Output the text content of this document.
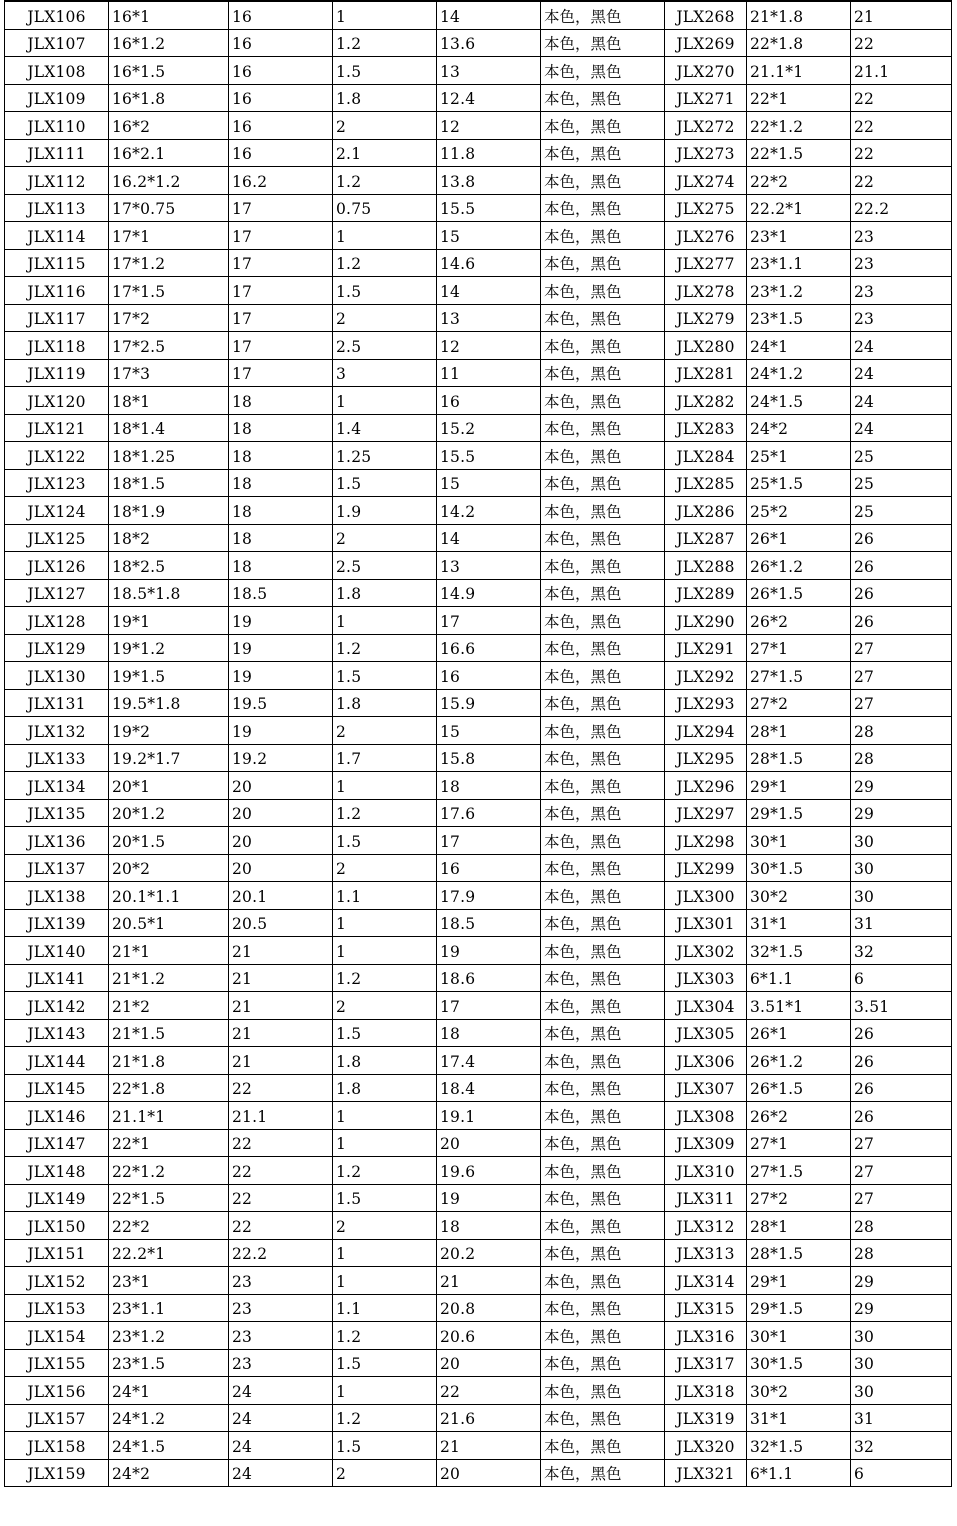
JLX106	16*1	16	1	14	本色，黑色	JLX268	21*1.8	21
JLX107	16*1.2	16	1.2	13.6	本色，黑色	JLX269	22*1.8	22
JLX108	16*1.5	16	1.5	13	本色，黑色	JLX270	21.1*1	21.1
JLX109	16*1.8	16	1.8	12.4	本色，黑色	JLX271	22*1	22
JLX110	16*2	16	2	12	本色，黑色	JLX272	22*1.2	22
JLX111	16*2.1	16	2.1	11.8	本色，黑色	JLX273	22*1.5	22
JLX112	16.2*1.2	16.2	1.2	13.8	本色，黑色	JLX274	22*2	22
JLX113	17*0.75	17	0.75	15.5	本色，黑色	JLX275	22.2*1	22.2
JLX114	17*1	17	1	15	本色，黑色	JLX276	23*1	23
JLX115	17*1.2	17	1.2	14.6	本色，黑色	JLX277	23*1.1	23
JLX116	17*1.5	17	1.5	14	本色，黑色	JLX278	23*1.2	23
JLX117	17*2	17	2	13	本色，黑色	JLX279	23*1.5	23
JLX118	17*2.5	17	2.5	12	本色，黑色	JLX280	24*1	24
JLX119	17*3	17	3	11	本色，黑色	JLX281	24*1.2	24
JLX120	18*1	18	1	16	本色，黑色	JLX282	24*1.5	24
JLX121	18*1.4	18	1.4	15.2	本色，黑色	JLX283	24*2	24
JLX122	18*1.25	18	1.25	15.5	本色，黑色	JLX284	25*1	25
JLX123	18*1.5	18	1.5	15	本色，黑色	JLX285	25*1.5	25
JLX124	18*1.9	18	1.9	14.2	本色，黑色	JLX286	25*2	25
JLX125	18*2	18	2	14	本色，黑色	JLX287	26*1	26
JLX126	18*2.5	18	2.5	13	本色，黑色	JLX288	26*1.2	26
JLX127	18.5*1.8	18.5	1.8	14.9	本色，黑色	JLX289	26*1.5	26
JLX128	19*1	19	1	17	本色，黑色	JLX290	26*2	26
JLX129	19*1.2	19	1.2	16.6	本色，黑色	JLX291	27*1	27
JLX130	19*1.5	19	1.5	16	本色，黑色	JLX292	27*1.5	27
JLX131	19.5*1.8	19.5	1.8	15.9	本色，黑色	JLX293	27*2	27
JLX132	19*2	19	2	15	本色，黑色	JLX294	28*1	28
JLX133	19.2*1.7	19.2	1.7	15.8	本色，黑色	JLX295	28*1.5	28
JLX134	20*1	20	1	18	本色，黑色	JLX296	29*1	29
JLX135	20*1.2	20	1.2	17.6	本色，黑色	JLX297	29*1.5	29
JLX136	20*1.5	20	1.5	17	本色，黑色	JLX298	30*1	30
JLX137	20*2	20	2	16	本色，黑色	JLX299	30*1.5	30
JLX138	20.1*1.1	20.1	1.1	17.9	本色，黑色	JLX300	30*2	30
JLX139	20.5*1	20.5	1	18.5	本色，黑色	JLX301	31*1	31
JLX140	21*1	21	1	19	本色，黑色	JLX302	32*1.5	32
JLX141	21*1.2	21	1.2	18.6	本色，黑色	JLX303	6*1.1	6
JLX142	21*2	21	2	17	本色，黑色	JLX304	3.51*1	3.51
JLX143	21*1.5	21	1.5	18	本色，黑色	JLX305	26*1	26
JLX144	21*1.8	21	1.8	17.4	本色，黑色	JLX306	26*1.2	26
JLX145	22*1.8	22	1.8	18.4	本色，黑色	JLX307	26*1.5	26
JLX146	21.1*1	21.1	1	19.1	本色，黑色	JLX308	26*2	26
JLX147	22*1	22	1	20	本色，黑色	JLX309	27*1	27
JLX148	22*1.2	22	1.2	19.6	本色，黑色	JLX310	27*1.5	27
JLX149	22*1.5	22	1.5	19	本色，黑色	JLX311	27*2	27
JLX150	22*2	22	2	18	本色，黑色	JLX312	28*1	28
JLX151	22.2*1	22.2	1	20.2	本色，黑色	JLX313	28*1.5	28
JLX152	23*1	23	1	21	本色，黑色	JLX314	29*1	29
JLX153	23*1.1	23	1.1	20.8	本色，黑色	JLX315	29*1.5	29
JLX154	23*1.2	23	1.2	20.6	本色，黑色	JLX316	30*1	30
JLX155	23*1.5	23	1.5	20	本色，黑色	JLX317	30*1.5	30
JLX156	24*1	24	1	22	本色，黑色	JLX318	30*2	30
JLX157	24*1.2	24	1.2	21.6	本色，黑色	JLX319	31*1	31
JLX158	24*1.5	24	1.5	21	本色，黑色	JLX320	32*1.5	32
JLX159	24*2	24	2	20	本色，黑色	JLX321	6*1.1	6
